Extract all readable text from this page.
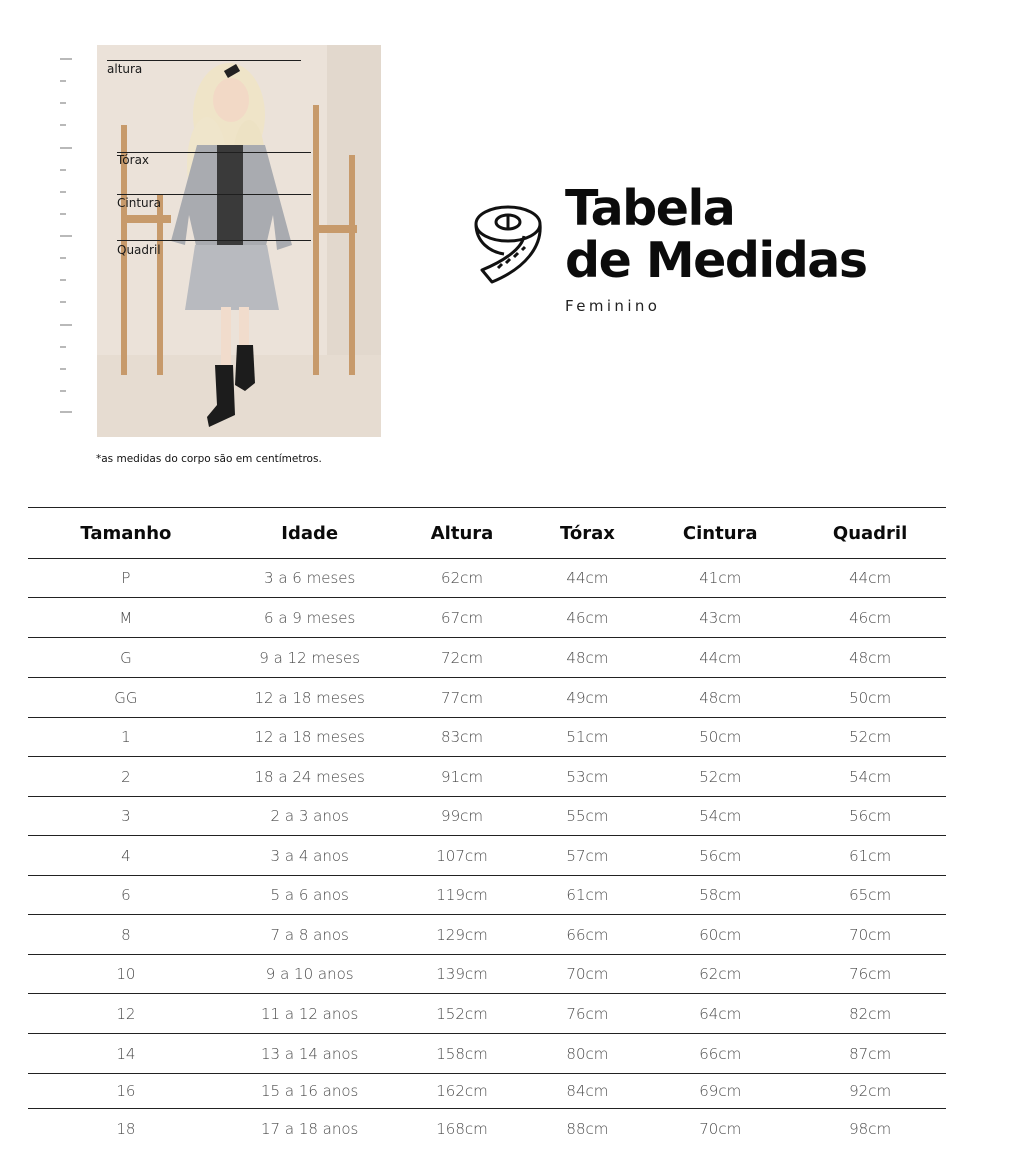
altura
Tórax
Cintura
Quadril
*as medidas do corpo são em centímetros.
Tabela
de Medidas
Feminino
Tamanho	Idade	Altura	Tórax	Cintura	Quadril
P	3 a 6 meses	62cm	44cm	41cm	44cm
M	6 a 9 meses	67cm	46cm	43cm	46cm
G	9 a 12 meses	72cm	48cm	44cm	48cm
GG	12 a 18 meses	77cm	49cm	48cm	50cm
1	12 a 18 meses	83cm	51cm	50cm	52cm
2	18 a 24 meses	91cm	53cm	52cm	54cm
3	2 a 3 anos	99cm	55cm	54cm	56cm
4	3 a 4 anos	107cm	57cm	56cm	61cm
6	5 a 6 anos	119cm	61cm	58cm	65cm
8	7 a 8 anos	129cm	66cm	60cm	70cm
10	9 a 10 anos	139cm	70cm	62cm	76cm
12	11 a 12 anos	152cm	76cm	64cm	82cm
14	13 a 14 anos	158cm	80cm	66cm	87cm
16	15 a 16 anos	162cm	84cm	69cm	92cm
18	17 a 18 anos	168cm	88cm	70cm	98cm
